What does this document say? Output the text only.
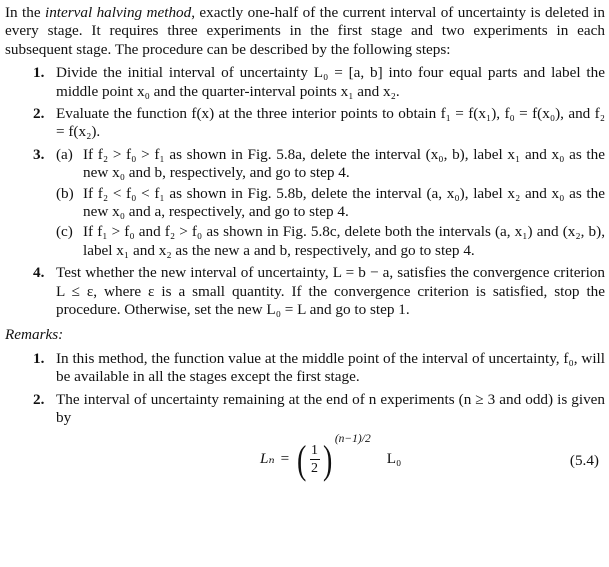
In the interval halving method, exactly one-half of the current interval of uncertainty is deleted in every stage. It requires three experiments in the first stage and two experiments in each subsequent stage. The procedure can be described by the following steps:

1. Divide the initial interval of uncertainty L₀ = [a, b] into four equal parts and label the middle point x₀ and the quarter-interval points x₁ and x₂.

2. Evaluate the function f(x) at the three interior points to obtain f₁ = f(x₁), f₀ = f(x₀), and f₂ = f(x₂).

3. (a) If f₂ > f₀ > f₁ as shown in Fig. 5.8a, delete the interval (x₀, b), label x₁ and x₀ as the new x₀ and b, respectively, and go to step 4.
(b) If f₂ < f₀ < f₁ as shown in Fig. 5.8b, delete the interval (a, x₀), label x₂ and x₀ as the new x₀ and a, respectively, and go to step 4.
(c) If f₁ > f₀ and f₂ > f₀ as shown in Fig. 5.8c, delete both the intervals (a, x₁) and (x₂, b), label x₁ and x₂ as the new a and b, respectively, and go to step 4.
4. Test whether the new interval of uncertainty, L = b − a, satisfies the convergence criterion L ≤ ε, where ε is a small quantity. If the convergence criterion is satisfied, stop the procedure. Otherwise, set the new L₀ = L and go to step 1.

Remarks:

1. In this method, the function value at the middle point of the interval of uncertainty, f₀, will be available in all the stages except the first stage.

2. The interval of uncertainty remaining at the end of n experiments (n ≥ 3 and odd) is given by

Lₙ = ( $\frac{1}{2}$ ) (n−1)/2
L₀	(5.4)
